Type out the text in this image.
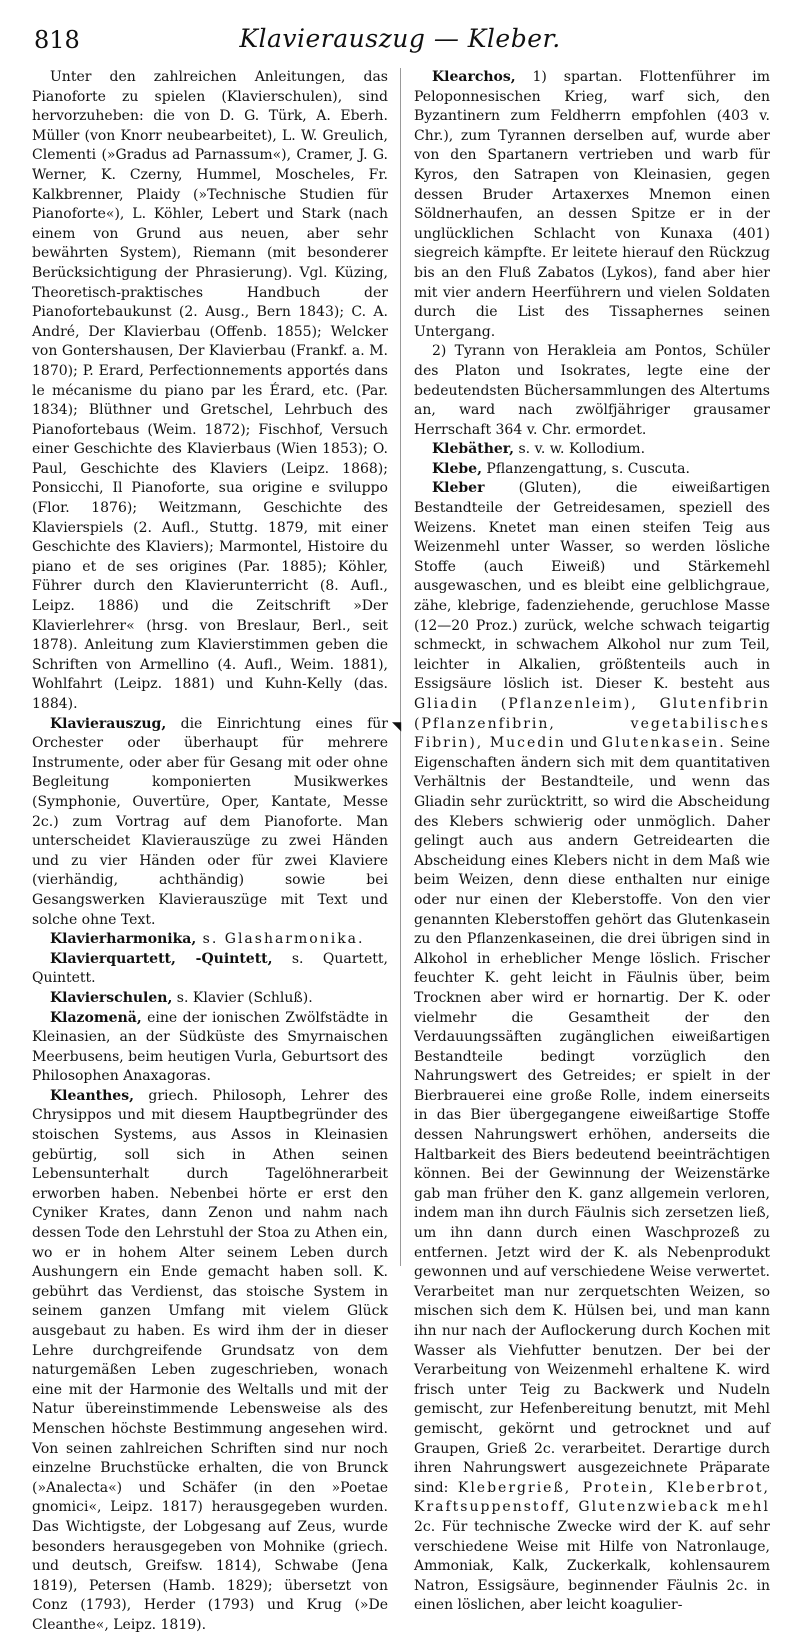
818	Klavierauszug — Kleber.

Unter den zahlreichen Anleitungen, das Pianoforte zu spielen (Klavierschulen), sind hervorzuheben: die von D. G. Türk, A. Eberh. Müller (von Knorr neubearbeitet), L. W. Greulich, Clementi (»Gradus ad Parnassum«), Cramer, J. G. Werner, K. Czerny, Hummel, Moscheles, Fr. Kalkbrenner, Plaidy (»Technische Studien für Pianoforte«), L. Köhler, Lebert und Stark (nach einem von Grund aus neuen, aber sehr bewährten System), Riemann (mit besonderer Berücksichtigung der Phrasierung). Vgl. Küzing, Theoretisch-praktisches Handbuch der Pianofortebaukunst (2. Ausg., Bern 1843); C. A. André, Der Klavierbau (Offenb. 1855); Welcker von Gontershausen, Der Klavierbau (Frankf. a. M. 1870); P. Erard, Perfectionnements apportés dans le mécanisme du piano par les Érard, etc. (Par. 1834); Blüthner und Gretschel, Lehrbuch des Pianofortebaus (Weim. 1872); Fischhof, Versuch einer Geschichte des Klavierbaus (Wien 1853); O. Paul, Geschichte des Klaviers (Leipz. 1868); Ponsicchi, Il Pianoforte, sua origine e sviluppo (Flor. 1876); Weitzmann, Geschichte des Klavierspiels (2. Aufl., Stuttg. 1879, mit einer Geschichte des Klaviers); Marmontel, Histoire du piano et de ses origines (Par. 1885); Köhler, Führer durch den Klavierunterricht (8. Aufl., Leipz. 1886) und die Zeitschrift »Der Klavierlehrer« (hrsg. von Breslaur, Berl., seit 1878). Anleitung zum Klavierstimmen geben die Schriften von Armellino (4. Aufl., Weim. 1881), Wohlfahrt (Leipz. 1881) und Kuhn-Kelly (das. 1884).

Klavierauszug, die Einrichtung eines für Orchester oder überhaupt für mehrere Instrumente, oder aber für Gesang mit oder ohne Begleitung komponierten Musikwerkes (Symphonie, Ouvertüre, Oper, Kantate, Messe 2c.) zum Vortrag auf dem Pianoforte. Man unterscheidet Klavierauszüge zu zwei Händen und zu vier Händen oder für zwei Klaviere (vierhändig, achthändig) sowie bei Gesangswerken Klavierauszüge mit Text und solche ohne Text.

Klavierharmonika, s. Glasharmonika.

Klavierquartett, -Quintett, s. Quartett, Quintett.

Klavierschulen, s. Klavier (Schluß).

Klazomenä, eine der ionischen Zwölfstädte in Kleinasien, an der Südküste des Smyrnaischen Meerbusens, beim heutigen Vurla, Geburtsort des Philosophen Anaxagoras.

Kleanthes, griech. Philosoph, Lehrer des Chrysippos und mit diesem Hauptbegründer des stoischen Systems, aus Assos in Kleinasien gebürtig, soll sich in Athen seinen Lebensunterhalt durch Tagelöhnerarbeit erworben haben. Nebenbei hörte er erst den Cyniker Krates, dann Zenon und nahm nach dessen Tode den Lehrstuhl der Stoa zu Athen ein, wo er in hohem Alter seinem Leben durch Aushungern ein Ende gemacht haben soll. K. gebührt das Verdienst, das stoische System in seinem ganzen Umfang mit vielem Glück ausgebaut zu haben. Es wird ihm der in dieser Lehre durchgreifende Grundsatz von dem naturgemäßen Leben zugeschrieben, wonach eine mit der Harmonie des Weltalls und mit der Natur übereinstimmende Lebensweise als des Menschen höchste Bestimmung angesehen wird. Von seinen zahlreichen Schriften sind nur noch einzelne Bruchstücke erhalten, die von Brunck (»Analecta«) und Schäfer (in den »Poetae gnomici«, Leipz. 1817) herausgegeben wurden. Das Wichtigste, der Lobgesang auf Zeus, wurde besonders herausgegeben von Mohnike (griech. und deutsch, Greifsw. 1814), Schwabe (Jena 1819), Petersen (Hamb. 1829); übersetzt von Conz (1793), Herder (1793) und Krug (»De Cleanthe«, Leipz. 1819).

◥

Klearchos, 1) spartan. Flottenführer im Peloponnesischen Krieg, warf sich, den Byzantinern zum Feldherrn empfohlen (403 v. Chr.), zum Tyrannen derselben auf, wurde aber von den Spartanern vertrieben und warb für Kyros, den Satrapen von Kleinasien, gegen dessen Bruder Artaxerxes Mnemon einen Söldnerhaufen, an dessen Spitze er in der unglücklichen Schlacht von Kunaxa (401) siegreich kämpfte. Er leitete hierauf den Rückzug bis an den Fluß Zabatos (Lykos), fand aber hier mit vier andern Heerführern und vielen Soldaten durch die List des Tissaphernes seinen Untergang.

2) Tyrann von Herakleia am Pontos, Schüler des Platon und Isokrates, legte eine der bedeutendsten Büchersammlungen des Altertums an, ward nach zwölfjähriger grausamer Herrschaft 364 v. Chr. ermordet.

Klebäther, s. v. w. Kollodium.

Klebe, Pflanzengattung, s. Cuscuta.

Kleber (Gluten), die eiweißartigen Bestandteile der Getreidesamen, speziell des Weizens. Knetet man einen steifen Teig aus Weizenmehl unter Wasser, so werden lösliche Stoffe (auch Eiweiß) und Stärkemehl ausgewaschen, und es bleibt eine gelblichgraue, zähe, klebrige, fadenziehende, geruchlose Masse (12—20 Proz.) zurück, welche schwach teigartig schmeckt, in schwachem Alkohol nur zum Teil, leichter in Alkalien, größtenteils auch in Essigsäure löslich ist. Dieser K. besteht aus Gliadin (Pflanzenleim), Glutenfibrin (Pflanzenfibrin, vegetabilisches Fibrin), Mucedin und Glutenkasein. Seine Eigenschaften ändern sich mit dem quantitativen Verhältnis der Bestandteile, und wenn das Gliadin sehr zurücktritt, so wird die Abscheidung des Klebers schwierig oder unmöglich. Daher gelingt auch aus andern Getreidearten die Abscheidung eines Klebers nicht in dem Maß wie beim Weizen, denn diese enthalten nur einige oder nur einen der Kleberstoffe. Von den vier genannten Kleberstoffen gehört das Glutenkasein zu den Pflanzenkaseinen, die drei übrigen sind in Alkohol in erheblicher Menge löslich. Frischer feuchter K. geht leicht in Fäulnis über, beim Trocknen aber wird er hornartig. Der K. oder vielmehr die Gesamtheit der den Verdauungssäften zugänglichen eiweißartigen Bestandteile bedingt vorzüglich den Nahrungswert des Getreides; er spielt in der Bierbrauerei eine große Rolle, indem einerseits in das Bier übergegangene eiweißartige Stoffe dessen Nahrungswert erhöhen, anderseits die Haltbarkeit des Biers bedeutend beeinträchtigen können. Bei der Gewinnung der Weizenstärke gab man früher den K. ganz allgemein verloren, indem man ihn durch Fäulnis sich zersetzen ließ, um ihn dann durch einen Waschprozeß zu entfernen. Jetzt wird der K. als Nebenprodukt gewonnen und auf verschiedene Weise verwertet. Verarbeitet man nur zerquetschten Weizen, so mischen sich dem K. Hülsen bei, und man kann ihn nur nach der Auflockerung durch Kochen mit Wasser als Viehfutter benutzen. Der bei der Verarbeitung von Weizenmehl erhaltene K. wird frisch unter Teig zu Backwerk und Nudeln gemischt, zur Hefenbereitung benutzt, mit Mehl gemischt, gekörnt und getrocknet und auf Graupen, Grieß 2c. verarbeitet. Derartige durch ihren Nahrungswert ausgezeichnete Präparate sind: Klebergrieß, Protein, Kleberbrot, Kraftsuppenstoff, Glutenzwieback mehl 2c. Für technische Zwecke wird der K. auf sehr verschiedene Weise mit Hilfe von Natronlauge, Ammoniak, Kalk, Zuckerkalk, kohlensaurem Natron, Essigsäure, beginnender Fäulnis 2c. in einen löslichen, aber leicht koagulier-
